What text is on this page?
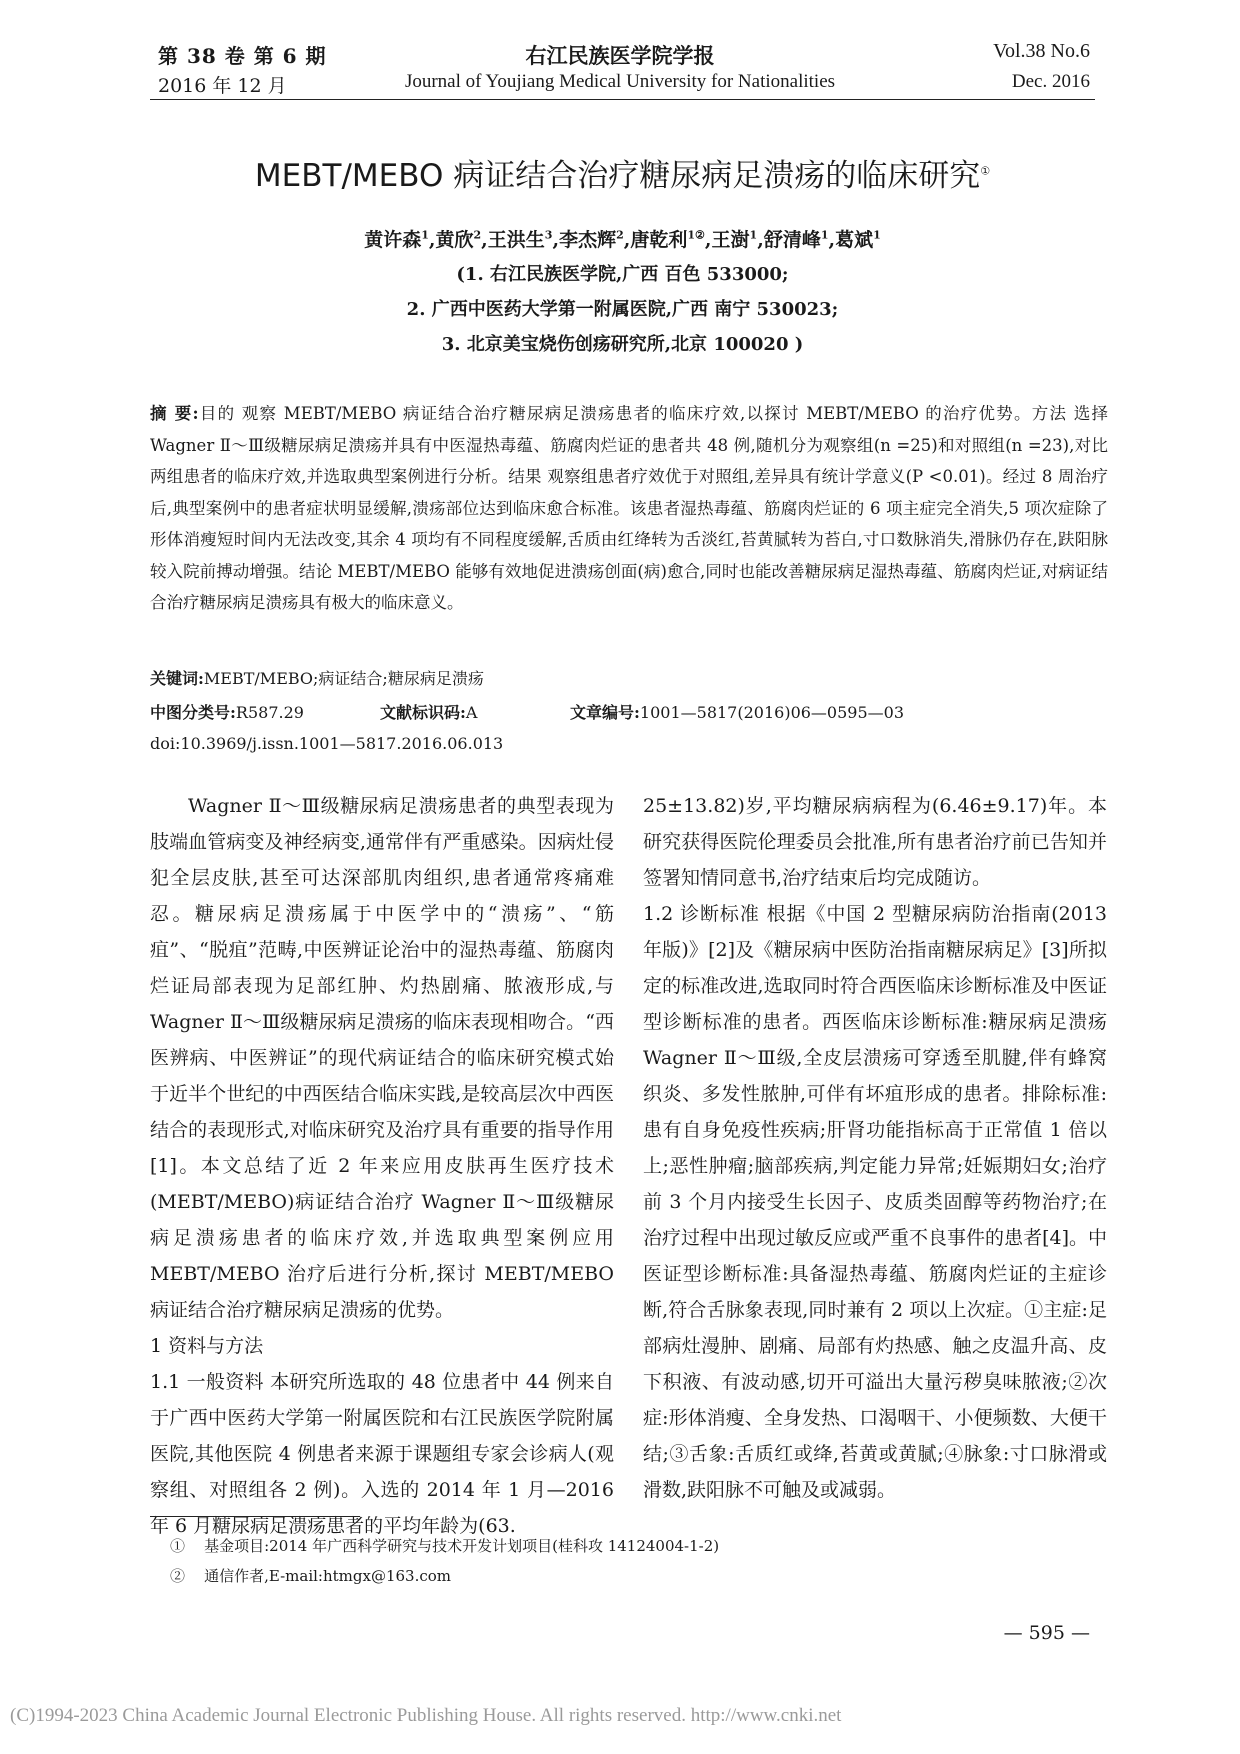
第 38 卷 第 6 期
2016 年 12 月
右江民族医学院学报
Journal of Youjiang Medical University for Nationalities
Vol.38 No.6
Dec. 2016
MEBT/MEBO 病证结合治疗糖尿病足溃疡的临床研究①
黄许森$^1$,黄欣$^2$,王洪生$^3$,李杰辉$^2$,唐乾利$^{1②}$,王澍$^1$,舒清峰$^1$,葛斌$^1$
(1. 右江民族医学院,广西 百色 533000;
2. 广西中医药大学第一附属医院,广西 南宁 530023;
3. 北京美宝烧伤创疡研究所,北京 100020 )
摘 要:目的 观察 MEBT/MEBO 病证结合治疗糖尿病足溃疡患者的临床疗效,以探讨 MEBT/MEBO 的治疗优势。方法 选择 Wagner Ⅱ～Ⅲ级糖尿病足溃疡并具有中医湿热毒蕴、筋腐肉烂证的患者共 48 例,随机分为观察组(n =25)和对照组(n =23),对比两组患者的临床疗效,并选取典型案例进行分析。结果 观察组患者疗效优于对照组,差异具有统计学意义(P <0.01)。经过 8 周治疗后,典型案例中的患者症状明显缓解,溃疡部位达到临床愈合标准。该患者湿热毒蕴、筋腐肉烂证的 6 项主症完全消失,5 项次症除了形体消瘦短时间内无法改变,其余 4 项均有不同程度缓解,舌质由红绛转为舌淡红,苔黄腻转为苔白,寸口数脉消失,滑脉仍存在,趺阳脉较入院前搏动增强。结论 MEBT/MEBO 能够有效地促进溃疡创面(病)愈合,同时也能改善糖尿病足湿热毒蕴、筋腐肉烂证,对病证结合治疗糖尿病足溃疡具有极大的临床意义。
关键词:MEBT/MEBO;病证结合;糖尿病足溃疡
中图分类号:R587.29	文献标识码:A	文章编号:1001—5817(2016)06—0595—03
doi:10.3969/j.issn.1001—5817.2016.06.013

Wagner Ⅱ～Ⅲ级糖尿病足溃疡患者的典型表现为肢端血管病变及神经病变,通常伴有严重感染。因病灶侵犯全层皮肤,甚至可达深部肌肉组织,患者通常疼痛难忍。糖尿病足溃疡属于中医学中的“溃疡”、“筋疽”、“脱疽”范畴,中医辨证论治中的湿热毒蕴、筋腐肉烂证局部表现为足部红肿、灼热剧痛、脓液形成,与 Wagner Ⅱ～Ⅲ级糖尿病足溃疡的临床表现相吻合。“西医辨病、中医辨证”的现代病证结合的临床研究模式始于近半个世纪的中西医结合临床实践,是较高层次中西医结合的表现形式,对临床研究及治疗具有重要的指导作用[1]。本文总结了近 2 年来应用皮肤再生医疗技术(MEBT/MEBO)病证结合治疗 Wagner Ⅱ～Ⅲ级糖尿病足溃疡患者的临床疗效,并选取典型案例应用 MEBT/MEBO 治疗后进行分析,探讨 MEBT/MEBO 病证结合治疗糖尿病足溃疡的优势。

1 资料与方法

1.1 一般资料 本研究所选取的 48 位患者中 44 例来自于广西中医药大学第一附属医院和右江民族医学院附属医院,其他医院 4 例患者来源于课题组专家会诊病人(观察组、对照组各 2 例)。入选的 2014 年 1 月—2016 年 6 月糖尿病足溃疡患者的平均年龄为(63.

25±13.82)岁,平均糖尿病病程为(6.46±9.17)年。本研究获得医院伦理委员会批准,所有患者治疗前已告知并签署知情同意书,治疗结束后均完成随访。

1.2 诊断标准 根据《中国 2 型糖尿病防治指南(2013 年版)》[2]及《糖尿病中医防治指南糖尿病足》[3]所拟定的标准改进,选取同时符合西医临床诊断标准及中医证型诊断标准的患者。西医临床诊断标准:糖尿病足溃疡 Wagner Ⅱ～Ⅲ级,全皮层溃疡可穿透至肌腱,伴有蜂窝织炎、多发性脓肿,可伴有坏疽形成的患者。排除标准:患有自身免疫性疾病;肝肾功能指标高于正常值 1 倍以上;恶性肿瘤;脑部疾病,判定能力异常;妊娠期妇女;治疗前 3 个月内接受生长因子、皮质类固醇等药物治疗;在治疗过程中出现过敏反应或严重不良事件的患者[4]。中医证型诊断标准:具备湿热毒蕴、筋腐肉烂证的主症诊断,符合舌脉象表现,同时兼有 2 项以上次症。①主症:足部病灶漫肿、剧痛、局部有灼热感、触之皮温升高、皮下积液、有波动感,切开可溢出大量污秽臭味脓液;②次症:形体消瘦、全身发热、口渴咽干、小便频数、大便干结;③舌象:舌质红或绛,苔黄或黄腻;④脉象:寸口脉滑或滑数,趺阳脉不可触及或减弱。

① 基金项目:2014 年广西科学研究与技术开发计划项目(桂科攻 14124004-1-2)
② 通信作者,E-mail:htmgx@163.com
— 595 —
(C)1994-2023 China Academic Journal Electronic Publishing House. All rights reserved. http://www.cnki.net
